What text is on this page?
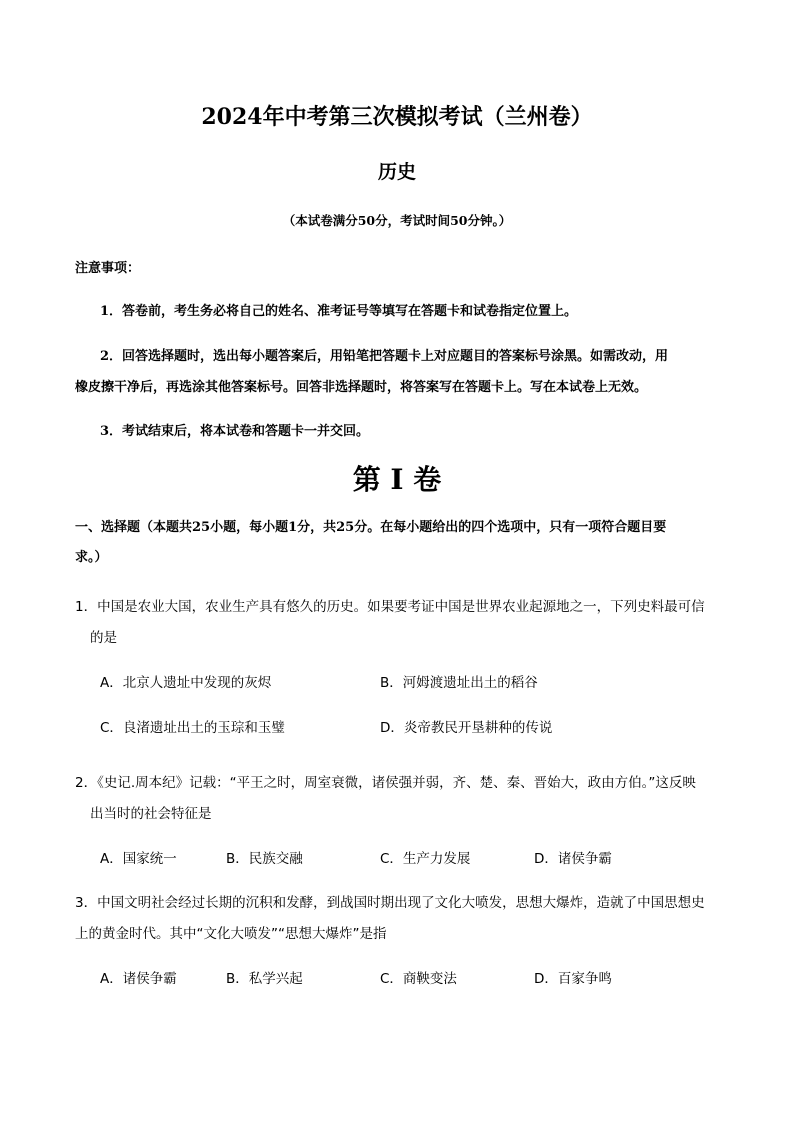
2024年中考第三次模拟考试（兰州卷）
历史
（本试卷满分50分，考试时间50分钟。）
注意事项：
1．答卷前，考生务必将自己的姓名、准考证号等填写在答题卡和试卷指定位置上。
2．回答选择题时，选出每小题答案后，用铅笔把答题卡上对应题目的答案标号涂黑。如需改动，用
橡皮擦干净后，再选涂其他答案标号。回答非选择题时，将答案写在答题卡上。写在本试卷上无效。
3．考试结束后，将本试卷和答题卡一并交回。
第 I 卷
一、选择题（本题共25小题，每小题1分，共25分。在每小题给出的四个选项中，只有一项符合题目要
求。）
1．中国是农业大国，农业生产具有悠久的历史。如果要考证中国是世界农业起源地之一，下列史料最可信
的是
A．北京人遗址中发现的灰烬	B．河姆渡遗址出土的稻谷
C．良渚遗址出土的玉琮和玉璧	D．炎帝教民开垦耕种的传说
2．《史记.周本纪》记载：“平王之时，周室衰微，诸侯强并弱，齐、楚、秦、晋始大，政由方伯。”这反映
出当时的社会特征是
A．国家统一	B．民族交融	C．生产力发展	D．诸侯争霸
3．中国文明社会经过长期的沉积和发酵，到战国时期出现了文化大喷发，思想大爆炸，造就了中国思想史
上的黄金时代。其中“文化大喷发”“思想大爆炸”是指
A．诸侯争霸	B．私学兴起	C．商鞅变法	D．百家争鸣
